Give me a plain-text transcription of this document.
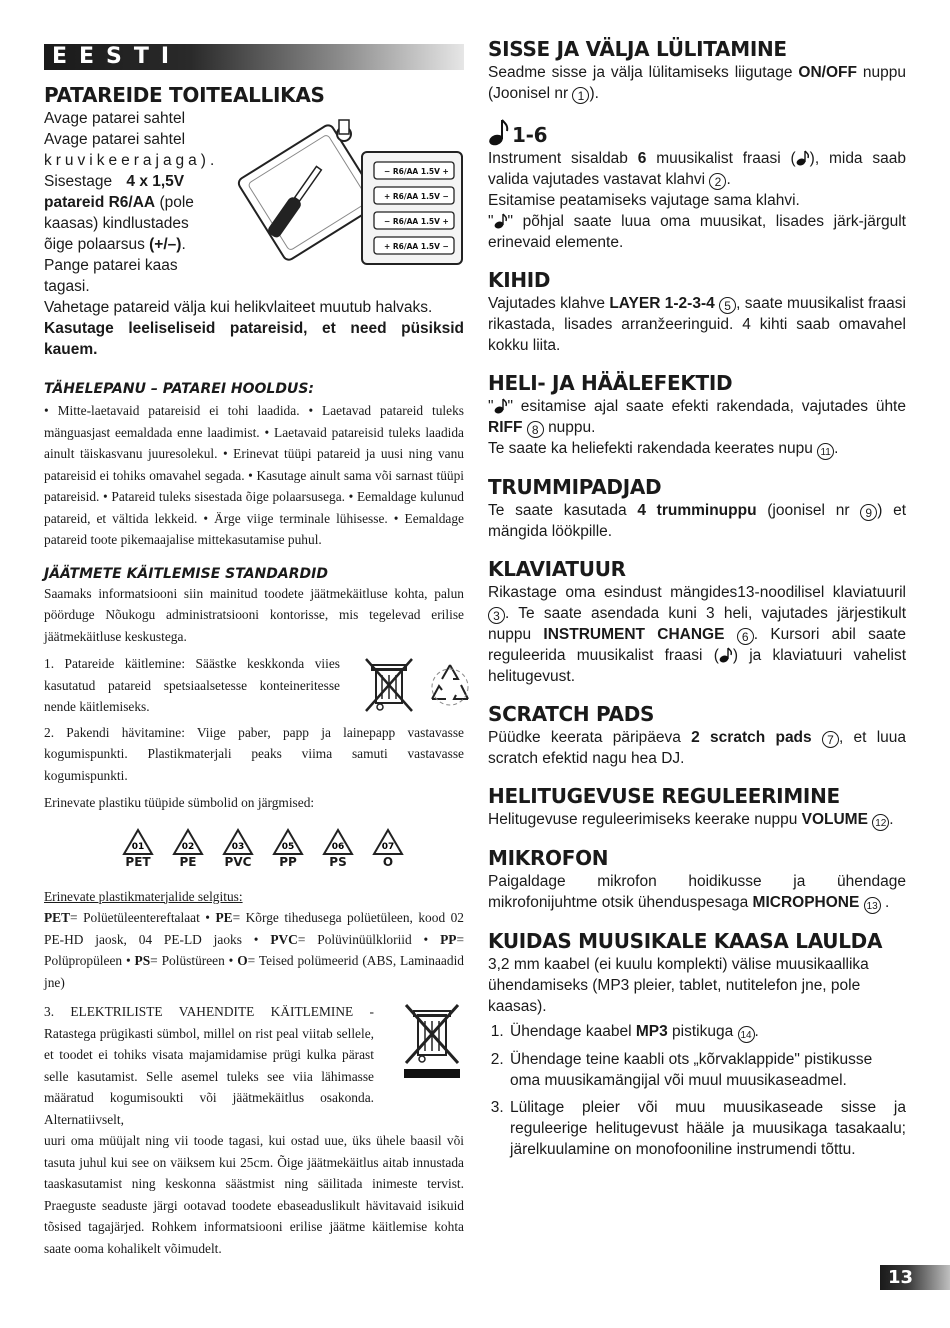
EESTI
PATAREIDE TOITEALLIKAS
− R6/AA 1.5V +
+ R6/AA 1.5V −
− R6/AA 1.5V +
+ R6/AA 1.5V −
Avage patarei sahtel
Avage patarei sahtel
kruvikeerajaga).
Sisestage 4 x 1,5V
patareid R6/AA (pole
kaasas) kindlustades
õige polaarsus (+/–).
Pange patarei kaas
tagasi.
Vahetage patareid välja kui helikvlaiteet muutub halvaks.
Kasutage leeliseliseid patareisid, et need püsiksid kauem.
TÄHELEPANU – PATAREI HOOLDUS:
• Mitte-laetavaid patareisid ei tohi laadida. • Laetavad patareid tuleks mänguasjast eemaldada enne laadimist. • Laetavaid patareisid tuleks laadida ainult täiskasvanu juuresolekul. • Erinevat tüüpi patareid ja uusi ning vanu patareisid ei tohiks omavahel segada. • Kasutage ainult sama või sarnast tüüpi patareisid. • Patareid tuleks sisestada õige polaarsusega. • Eemaldage kulunud patareid, et vältida lekkeid. • Ärge viige terminale lühisesse. • Eemaldage patareid toote pikemaajalise mittekasutamise puhul.
JÄÄTMETE KÄITLEMISE STANDARDID
Saamaks informatsiooni siin mainitud toodete jäätmekäitluse kohta, palun pöörduge Nõukogu administratsiooni kontorisse, mis tegelevad erilise jäätmekäitluse keskustega.
1. Patareide käitlemine: Säästke keskkonda viies kasutatud patareid spetsiaalsetesse konteineritesse nende käitlemiseks.
2. Pakendi hävitamine: Viige paber, papp ja lainepapp vastavasse kogumispunkti. Plastikmaterjali peaks viima samuti vastavasse kogumispunkti.
Erinevate plastiku tüüpide sümbolid on järgmised:
01
PET
02
PE
03
PVC
05
PP
06
PS
07
O
Erinevate plastikmaterjalide selgitus:
PET= Polüetüleentereftalaat • PE= Kõrge tihedusega polüetüleen, kood 02 PE-HD jaosk, 04 PE-LD jaoks • PVC= Polüvinüülkloriid • PP= Polüpropüleen • PS= Polüstüreen • O= Teised polümeerid (ABS, Laminaadid jne)
3. ELEKTRILISTE VAHENDITE KÄITLEMINE - Ratastega prügikasti sümbol, millel on rist peal viitab sellele, et toodet ei tohiks visata majamidamise prügi kulka pärast selle kasutamist. Selle asemel tuleks see viia lähimasse määratud kogumisoukti või jäätmekäitlus osakonda. Alternatiivselt,
uuri oma müüjalt ning vii toode tagasi, kui ostad uue, üks ühele baasil või tasuta juhul kui see on väiksem kui 25cm. Õige jäätmekäitlus aitab innustada taaskasutamist ning keskonna säästmist ning säilitada inimeste tervist. Praeguste seaduste järgi ootavad toodete ebaseaduslikult hävitavaid isikuid tõsised tagajärjed. Rohkem informatsiooni erilise jäätme käitlemise kohta saate ooma kohalikelt võimudelt.
SISSE JA VÄLJA LÜLITAMINE
Seadme sisse ja välja lülitamiseks liigutage ON/OFF nuppu (Joonisel nr 1 ).
1-6
Instrument sisaldab 6 muusikalist fraasi ( ), mida saab valida vajutades vastavat klahvi 2 .
Esitamise peatamiseks vajutage sama klahvi.
" " põhjal saate luua oma muusikat, lisades järk-järgult erinevaid elemente.
KIHID
Vajutades klahve LAYER 1-2-3-4 5 , saate muusikalist fraasi rikastada, lisades arranžeeringuid. 4 kihti saab omavahel kokku liita.
HELI- JA HÄÄLEFEKTID
" " esitamise ajal saate efekti rakendada, vajutades ühte RIFF 8 nuppu.
Te saate ka heliefekti rakendada keerates nupu 11 .
TRUMMIPADJAD
Te saate kasutada 4 trumminuppu (joonisel nr 9 ) et mängida löökpille.
KLAVIATUUR
Rikastage oma esindust mängides13-noodilisel klaviatuuril 3 . Te saate asendada kuni 3 heli, vajutades järjestikult nuppu INSTRUMENT CHANGE 6 . Kursori abil saate reguleerida muusikalist fraasi ( ) ja klaviatuuri vahelist helitugevust.
SCRATCH PADS
Püüdke keerata päripäeva 2 scratch pads 7 , et luua scratch efektid nagu hea DJ.
HELITUGEVUSE REGULEERIMINE
Helitugevuse reguleerimiseks keerake nuppu VOLUME 12 .
MIKROFON
Paigaldage mikrofon hoidikusse ja ühendage mikrofonijuhtme otsik ühenduspesaga MICROPHONE 13 .
KUIDAS MUUSIKALE KAASA LAULDA
3,2 mm kaabel (ei kuulu komplekti) välise muusikaallika ühendamiseks (MP3 pleier, tablet, nutitelefon jne, pole kaasas).
1. Ühendage kaabel MP3 pistikuga 14 .
2. Ühendage teine kaabli ots „kõrvaklappide" pistikusse oma muusikamängijal või muul muusikaseadmel.
3. Lülitage pleier või muu muusikaseade sisse ja reguleerige helitugevust hääle ja muusikaga tasakaalu; järelkuulamine on monofooniline instrumendi tõttu.
13
